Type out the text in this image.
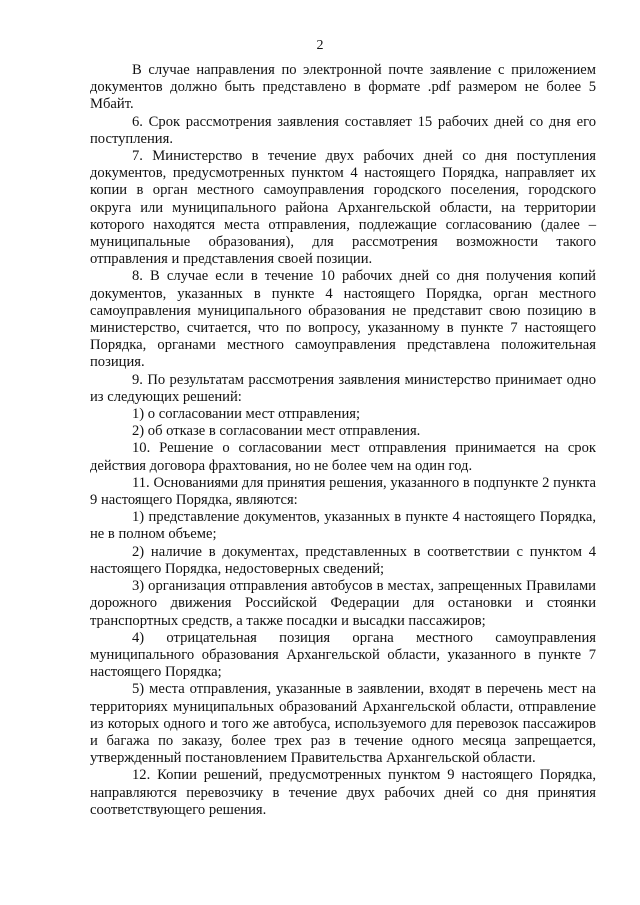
2

В случае направления по электронной почте заявление с приложением документов должно быть представлено в формате .pdf размером не более 5 Мбайт.

6. Срок рассмотрения заявления составляет 15 рабочих дней со дня его поступления.

7. Министерство в течение двух рабочих дней со дня поступления документов, предусмотренных пунктом 4 настоящего Порядка, направляет их копии в орган местного самоуправления городского поселения, городского округа или муниципального района Архангельской области, на территории которого находятся места отправления, подлежащие согласованию (далее – муниципальные образования), для рассмотрения возможности такого отправления и представления своей позиции.

8. В случае если в течение 10 рабочих дней со дня получения копий документов, указанных в пункте 4 настоящего Порядка, орган местного самоуправления муниципального образования не представит свою позицию в министерство, считается, что по вопросу, указанному в пункте 7 настоящего Порядка, органами местного самоуправления представлена положительная позиция.

9. По результатам рассмотрения заявления министерство принимает одно из следующих решений:

1) о согласовании мест отправления;

2) об отказе в согласовании мест отправления.

10. Решение о согласовании мест отправления принимается на срок действия договора фрахтования, но не более чем на один год.

11. Основаниями для принятия решения, указанного в подпункте 2 пункта 9 настоящего Порядка, являются:

1) представление документов, указанных в пункте 4 настоящего Порядка, не в полном объеме;

2) наличие в документах, представленных в соответствии с пунктом 4 настоящего Порядка, недостоверных сведений;

3) организация отправления автобусов в местах, запрещенных Правилами дорожного движения Российской Федерации для остановки и стоянки транспортных средств, а также посадки и высадки пассажиров;

4) отрицательная позиция органа местного самоуправления муниципального образования Архангельской области, указанного в пункте 7 настоящего Порядка;

5) места отправления, указанные в заявлении, входят в перечень мест на территориях муниципальных образований Архангельской области, отправление из которых одного и того же автобуса, используемого для перевозок пассажиров и багажа по заказу, более трех раз в течение одного месяца запрещается, утвержденный постановлением Правительства Архангельской области.

12. Копии решений, предусмотренных пунктом 9 настоящего Порядка, направляются перевозчику в течение двух рабочих дней со дня принятия соответствующего решения.
